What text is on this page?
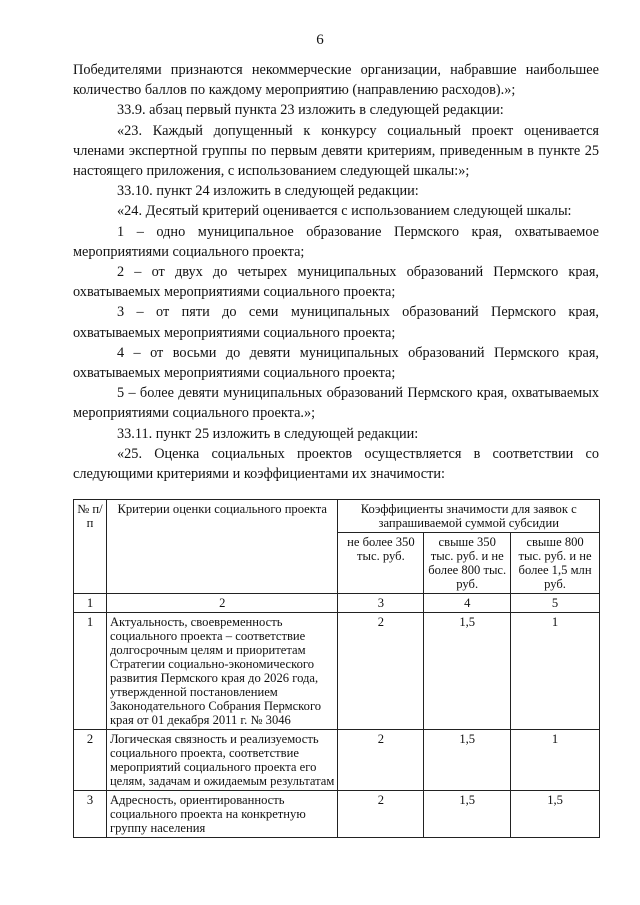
6

Победителями признаются некоммерческие организации, набравшие наибольшее количество баллов по каждому мероприятию (направлению расходов).»;

33.9. абзац первый пункта 23 изложить в следующей редакции:

«23. Каждый допущенный к конкурсу социальный проект оценивается членами экспертной группы по первым девяти критериям, приведенным в пункте 25 настоящего приложения, с использованием следующей шкалы:»;

33.10. пункт 24 изложить в следующей редакции:

«24. Десятый критерий оценивается с использованием следующей шкалы:

1 – одно муниципальное образование Пермского края, охватываемое мероприятиями социального проекта;

2 – от двух до четырех муниципальных образований Пермского края, охватываемых мероприятиями социального проекта;

3 – от пяти до семи муниципальных образований Пермского края, охватываемых мероприятиями социального проекта;

4 – от восьми до девяти муниципальных образований Пермского края, охватываемых мероприятиями социального проекта;

5 – более девяти муниципальных образований Пермского края, охватываемых мероприятиями социального проекта.»;

33.11. пункт 25 изложить в следующей редакции:

«25. Оценка социальных проектов осуществляется в соответствии со следующими критериями и коэффициентами их значимости:

№ п/п	Критерии оценки социального проекта	Коэффициенты значимости для заявок с запрашиваемой суммой субсидии		
		не более 350 тыс. руб.	свыше 350 тыс. руб. и не более 800 тыс. руб.	свыше 800 тыс. руб. и не более 1,5 млн руб.
1	2	3	4	5
1	Актуальность, своевременность социального проекта – соответствие долгосрочным целям и приоритетам Стратегии социально-экономического развития Пермского края до 2026 года, утвержденной постановлением Законодательного Собрания Пермского края от 01 декабря 2011 г. № 3046	2	1,5	1
2	Логическая связность и реализуемость социального проекта, соответствие мероприятий социального проекта его целям, задачам и ожидаемым результатам	2	1,5	1
3	Адресность, ориентированность социального проекта на конкретную группу населения	2	1,5	1,5
